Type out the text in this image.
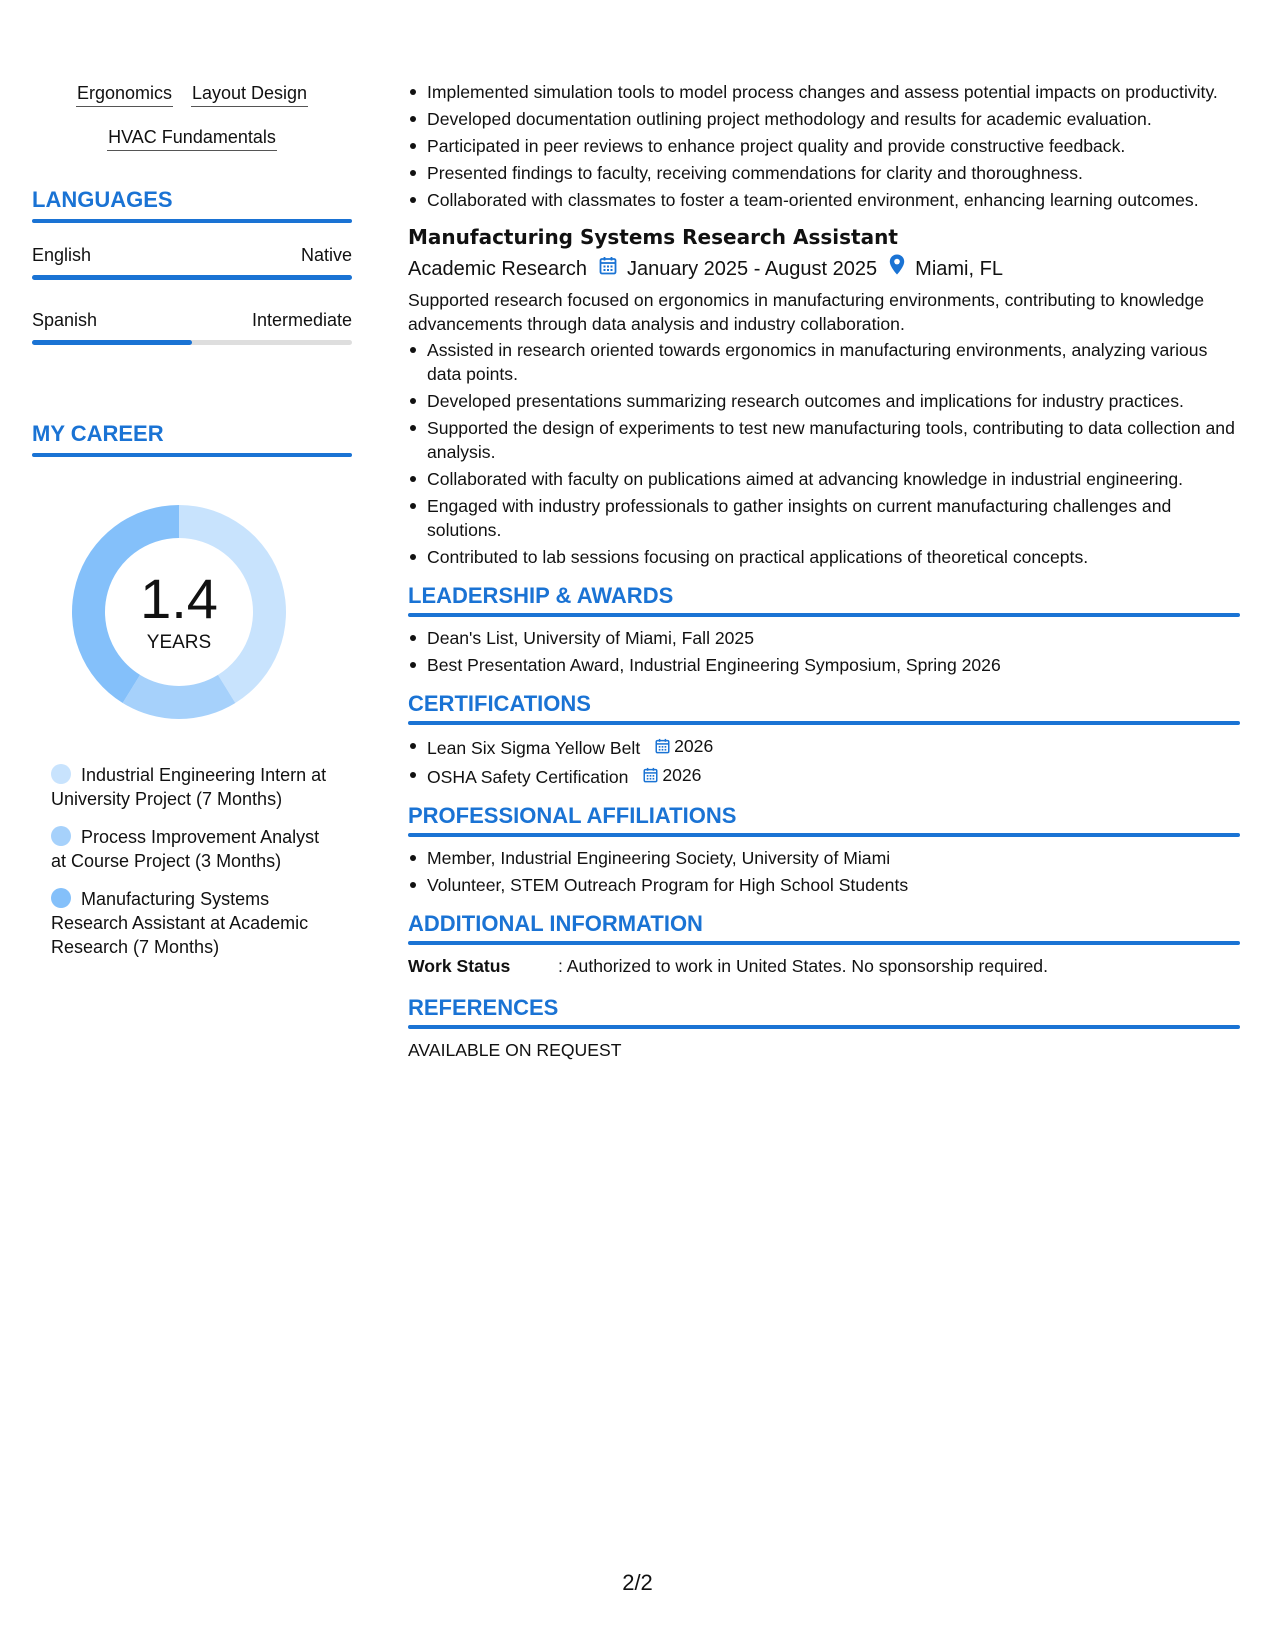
Ergonomics Layout Design
HVAC Fundamentals
LANGUAGES
English	Native
Spanish	Intermediate
MY CAREER
1.4
YEARS
Industrial Engineering Intern at University Project (7 Months)
Process Improvement Analyst at Course Project (3 Months)
Manufacturing Systems Research Assistant at Academic Research (7 Months)
Implemented simulation tools to model process changes and assess potential impacts on productivity.
Developed documentation outlining project methodology and results for academic evaluation.
Participated in peer reviews to enhance project quality and provide constructive feedback.
Presented findings to faculty, receiving commendations for clarity and thoroughness.
Collaborated with classmates to foster a team-oriented environment, enhancing learning outcomes.
Manufacturing Systems Research Assistant
Academic Research January 2025 - August 2025 Miami, FL
Supported research focused on ergonomics in manufacturing environments, contributing to knowledge advancements through data analysis and industry collaboration.
Assisted in research oriented towards ergonomics in manufacturing environments, analyzing various data points.
Developed presentations summarizing research outcomes and implications for industry practices.
Supported the design of experiments to test new manufacturing tools, contributing to data collection and analysis.
Collaborated with faculty on publications aimed at advancing knowledge in industrial engineering.
Engaged with industry professionals to gather insights on current manufacturing challenges and solutions.
Contributed to lab sessions focusing on practical applications of theoretical concepts.
LEADERSHIP & AWARDS
Dean's List, University of Miami, Fall 2025
Best Presentation Award, Industrial Engineering Symposium, Spring 2026
CERTIFICATIONS
Lean Six Sigma Yellow Belt 2026
OSHA Safety Certification 2026
PROFESSIONAL AFFILIATIONS
Member, Industrial Engineering Society, University of Miami
Volunteer, STEM Outreach Program for High School Students
ADDITIONAL INFORMATION
Work Status	: Authorized to work in United States. No sponsorship required.
REFERENCES
AVAILABLE ON REQUEST
2/2
